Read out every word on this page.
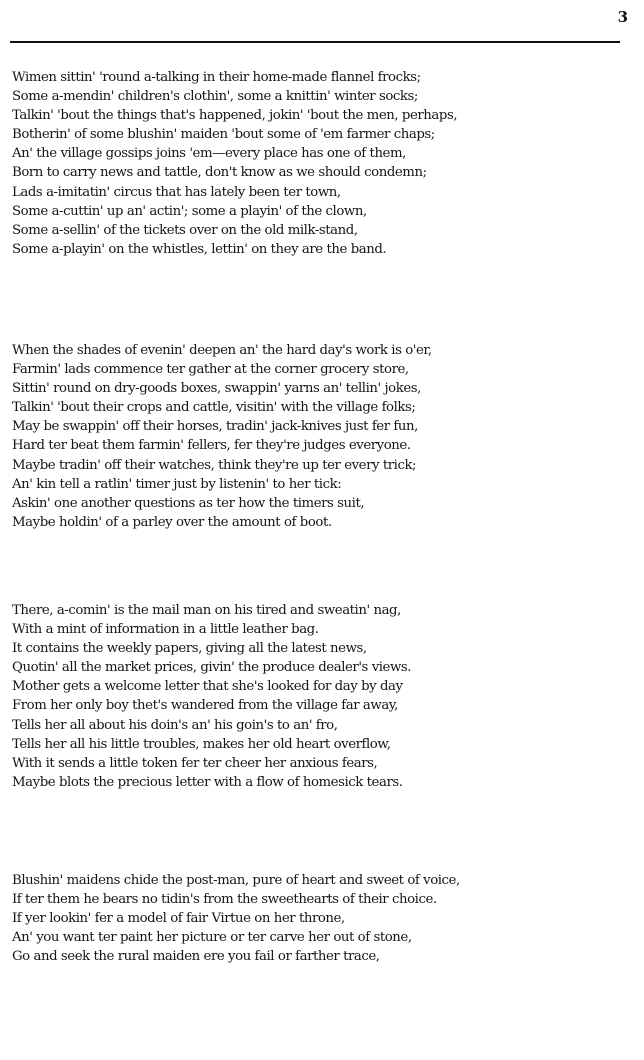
3
Wimen sittin' 'round a-talking in their home-made flannel frocks;
Some a-mendin' children's clothin', some a knittin' winter socks;
Talkin' 'bout the things that's happened, jokin' 'bout the men, perhaps,
Botherin' of some blushin' maiden 'bout some of 'em farmer chaps;
An' the village gossips joins 'em—every place has one of them,
Born to carry news and tattle, don't know as we should condemn;
Lads a-imitatin' circus that has lately been ter town,
Some a-cuttin' up an' actin'; some a playin' of the clown,
Some a-sellin' of the tickets over on the old milk-stand,
Some a-playin' on the whistles, lettin' on they are the band.
When the shades of evenin' deepen an' the hard day's work is o'er,
Farmin' lads commence ter gather at the corner grocery store,
Sittin' round on dry-goods boxes, swappin' yarns an' tellin' jokes,
Talkin' 'bout their crops and cattle, visitin' with the village folks;
May be swappin' off their horses, tradin' jack-knives just fer fun,
Hard ter beat them farmin' fellers, fer they're judges everyone.
Maybe tradin' off their watches, think they're up ter every trick;
An' kin tell a ratlin' timer just by listenin' to her tick:
Askin' one another questions as ter how the timers suit,
Maybe holdin' of a parley over the amount of boot.
There, a-comin' is the mail man on his tired and sweatin' nag,
With a mint of information in a little leather bag.
It contains the weekly papers, giving all the latest news,
Quotin' all the market prices, givin' the produce dealer's views.
Mother gets a welcome letter that she's looked for day by day
From her only boy thet's wandered from the village far away,
Tells her all about his doin's an' his goin's to an' fro,
Tells her all his little troubles, makes her old heart overflow,
With it sends a little token fer ter cheer her anxious fears,
Maybe blots the precious letter with a flow of homesick tears.
Blushin' maidens chide the post-man, pure of heart and sweet of voice,
If ter them he bears no tidin's from the sweethearts of their choice.
If yer lookin' fer a model of fair Virtue on her throne,
An' you want ter paint her picture or ter carve her out of stone,
Go and seek the rural maiden ere you fail or farther trace,
